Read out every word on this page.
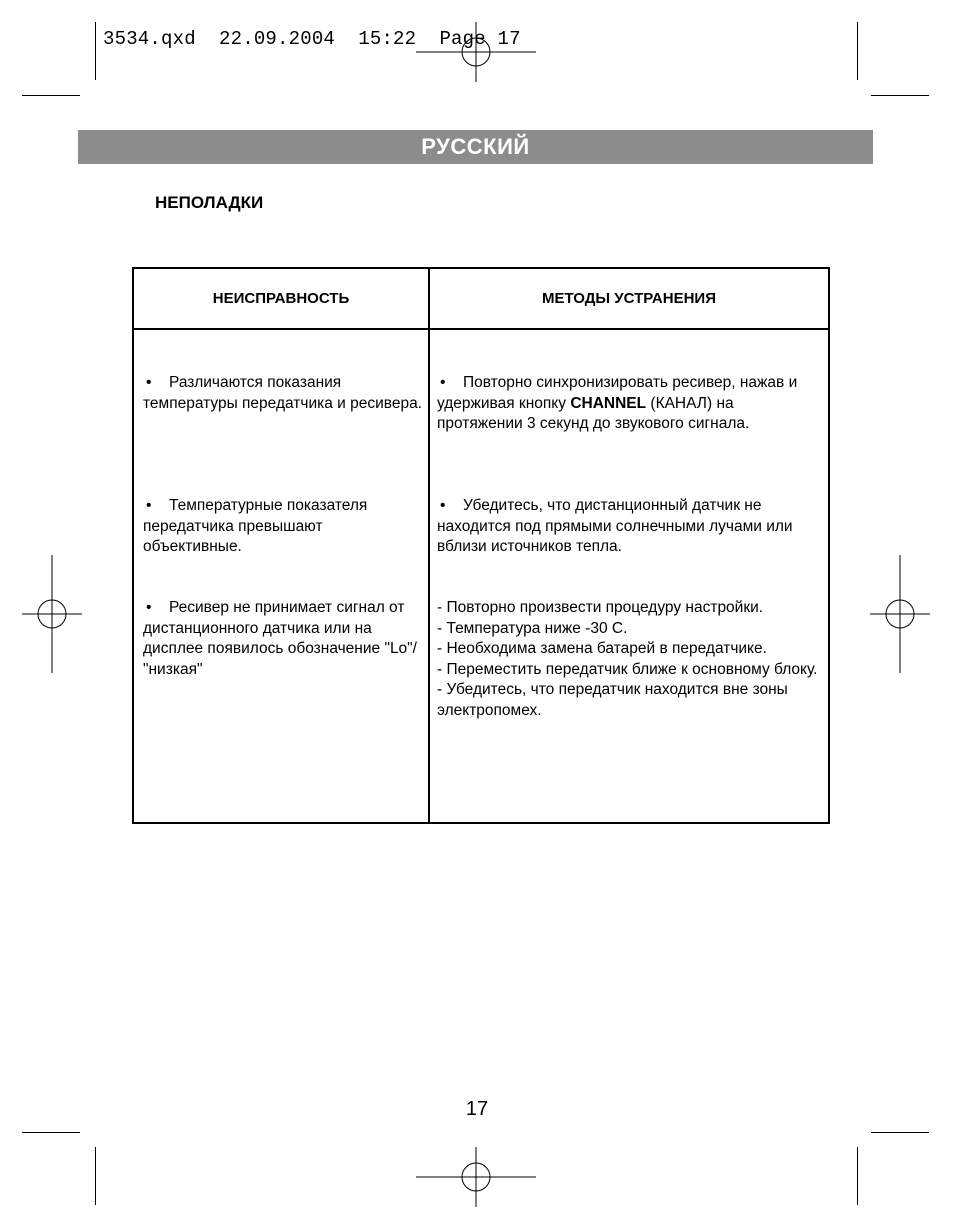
3534.qxd  22.09.2004  15:22  Page 17
РУССКИЙ
НЕПОЛАДКИ
НЕИСПРАВНОСТЬ	МЕТОДЫ УСТРАНЕНИЯ
• Различаются показания температуры передатчика и ресивера.
• Повторно синхронизировать ресивер, нажав и удерживая кнопку CHANNEL (КАНАЛ) на протяжении 3 секунд до звукового сигнала.
• Температурные показателя передатчика превышают объективные.
• Убедитесь, что дистанционный датчик не находится под прямыми солнечными лучами или вблизи источников тепла.
• Ресивер не принимает сигнал от дистанционного датчика или на дисплее появилось обозначение "Lo"/ "низкая"
- Повторно произвести процедуру настройки.
- Температура ниже -30 С.
- Необходима замена батарей в передатчике.
- Переместить передатчик ближе к основному блоку.
- Убедитесь, что передатчик находится вне зоны электропомех.
17
